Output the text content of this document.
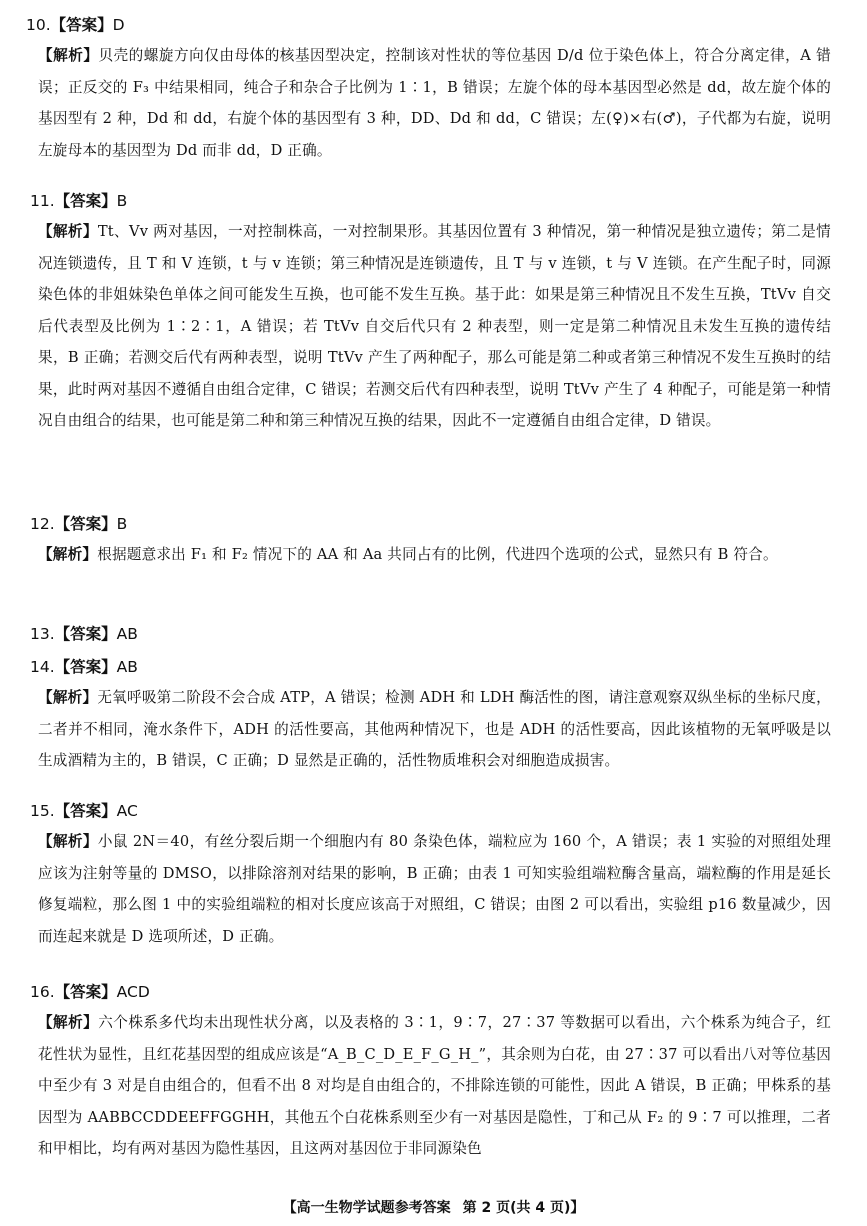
10.【答案】D
【解析】贝壳的螺旋方向仅由母体的核基因型决定，控制该对性状的等位基因 D/d 位于染色体上，符合分离定律，A 错误；正反交的 F₃ 中结果相同，纯合子和杂合子比例为 1∶1，B 错误；左旋个体的母本基因型必然是 dd，故左旋个体的基因型有 2 种，Dd 和 dd，右旋个体的基因型有 3 种，DD、Dd 和 dd，C 错误；左(♀)×右(♂)，子代都为右旋，说明左旋母本的基因型为 Dd 而非 dd，D 正确。
11.【答案】B
【解析】Tt、Vv 两对基因，一对控制株高，一对控制果形。其基因位置有 3 种情况，第一种情况是独立遗传；第二是情况连锁遗传，且 T 和 V 连锁，t 与 v 连锁；第三种情况是连锁遗传，且 T 与 v 连锁，t 与 V 连锁。在产生配子时，同源染色体的非姐妹染色单体之间可能发生互换，也可能不发生互换。基于此：如果是第三种情况且不发生互换，TtVv 自交后代表型及比例为 1∶2∶1，A 错误；若 TtVv 自交后代只有 2 种表型，则一定是第二种情况且未发生互换的遗传结果，B 正确；若测交后代有两种表型，说明 TtVv 产生了两种配子，那么可能是第二种或者第三种情况不发生互换时的结果，此时两对基因不遵循自由组合定律，C 错误；若测交后代有四种表型，说明 TtVv 产生了 4 种配子，可能是第一种情况自由组合的结果，也可能是第二种和第三种情况互换的结果，因此不一定遵循自由组合定律，D 错误。
12.【答案】B
【解析】根据题意求出 F₁ 和 F₂ 情况下的 AA 和 Aa 共同占有的比例，代进四个选项的公式，显然只有 B 符合。
13.【答案】AB
14.【答案】AB
【解析】无氧呼吸第二阶段不会合成 ATP，A 错误；检测 ADH 和 LDH 酶活性的图，请注意观察双纵坐标的坐标尺度，二者并不相同，淹水条件下，ADH 的活性要高，其他两种情况下，也是 ADH 的活性要高，因此该植物的无氧呼吸是以生成酒精为主的，B 错误，C 正确；D 显然是正确的，活性物质堆积会对细胞造成损害。
15.【答案】AC
【解析】小鼠 2N＝40，有丝分裂后期一个细胞内有 80 条染色体，端粒应为 160 个，A 错误；表 1 实验的对照组处理应该为注射等量的 DMSO，以排除溶剂对结果的影响，B 正确；由表 1 可知实验组端粒酶含量高，端粒酶的作用是延长修复端粒，那么图 1 中的实验组端粒的相对长度应该高于对照组，C 错误；由图 2 可以看出，实验组 p16 数量减少，因而连起来就是 D 选项所述，D 正确。
16.【答案】ACD
【解析】六个株系多代均未出现性状分离，以及表格的 3∶1，9∶7，27∶37 等数据可以看出，六个株系为纯合子，红花性状为显性，且红花基因型的组成应该是“A_B_C_D_E_F_G_H_”，其余则为白花，由 27∶37 可以看出八对等位基因中至少有 3 对是自由组合的，但看不出 8 对均是自由组合的，不排除连锁的可能性，因此 A 错误，B 正确；甲株系的基因型为 AABBCCDDEEFFGGHH，其他五个白花株系则至少有一对基因是隐性，丁和己从 F₂ 的 9∶7 可以推理，二者和甲相比，均有两对基因为隐性基因，且这两对基因位于非同源染色
【高一生物学试题参考答案 第 2 页(共 4 页)】
